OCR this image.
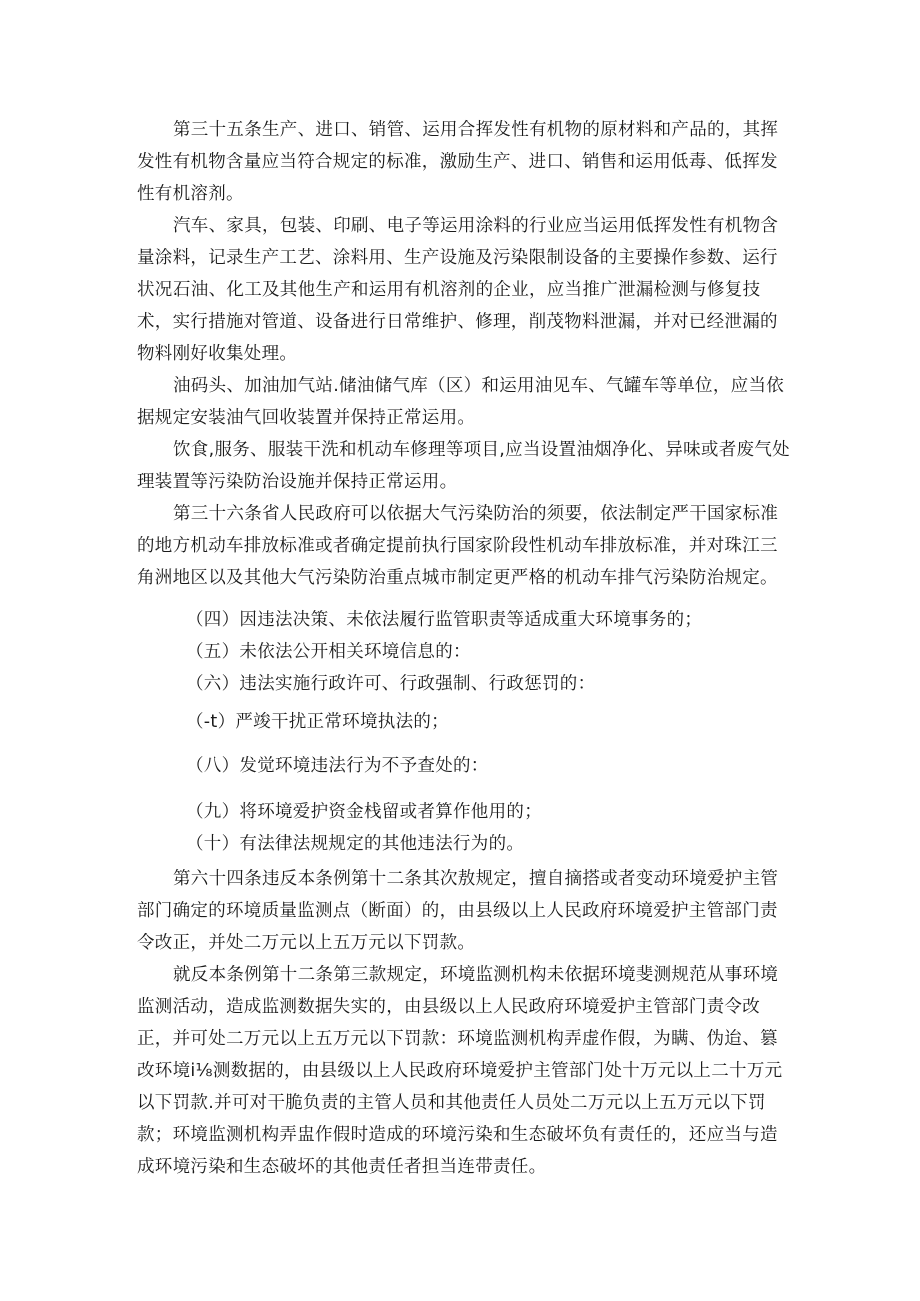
第三十五条生产、进口、销管、运用合挥发性有机物的原材料和产品的，其挥发性有机物含量应当符合规定的标准，激励生产、进口、销售和运用低毒、低挥发性有机溶剂。

汽车、家具，包装、印刷、电子等运用涂料的行业应当运用低挥发性有机物含量涂料，记录生产工艺、涂料用、生产设施及污染限制设备的主要操作参数、运行状况.

石油、化工及其他生产和运用有机溶剂的企业，应当推广泄漏检测与修复技术，实行措施对管道、设备进行日常维护、修理，削茂物料泄漏，并对已经泄漏的物料刚好收集处理。

油码头、加油加气站.储油储气库（区）和运用油见车、气罐车等单位，应当依据规定安装油气回收装置并保持正常运用。

饮食,服务、服装干洗和机动车修理等项目,应当设置油烟净化、异味或者废气处理装置等污染防治设施并保持正常运用。

第三十六条省人民政府可以依据大气污染防治的须要，依法制定严干国家标准的地方机动车排放标准或者确定提前执行国家阶段性机动车排放标准，并对珠江三角洲地区以及其他大气污染防治重点城市制定更严格的机动车排气污染防治规定。

（四）因违法决策、未依法履行监管职责等适成重大环境事务的；

（五）未依法公开相关环境信息的：

（六）违法实施行政许可、行政强制、行政惩罚的：

（-t）严竣干扰正常环境执法的；

（八）发觉环境违法行为不予查处的：

（九）将环境爱护资金栈留或者算作他用的；

（十）有法律法规规定的其他违法行为的。

第六十四条违反本条例第十二条其次敖规定，擅自摘搭或者变动环境爱护主管部门确定的环境质量监测点（断面）的，由县级以上人民政府环境爱护主管部门责令改正，并处二万元以上五万元以下罚款。

就反本条例第十二条第三款规定，环境监测机构未依据环境斐测规范从事环境监测活动，造成监测数据失实的，由县级以上人民政府环境爱护主管部门责令改正，并可处二万元以上五万元以下罚款：环境监测机构弄虚作假，为瞒、伪迨、篡改环境i⅛测数据的，由县级以上人民政府环境爱护主管部门处十万元以上二十万元以下罚款.并可对干脆负责的主管人员和其他责任人员处二万元以上五万元以下罚款；环境监测机构弄盅作假时造成的环境污染和生态破坏负有责任的，还应当与造成环境污染和生态破坏的其他责任者担当连带责任。
